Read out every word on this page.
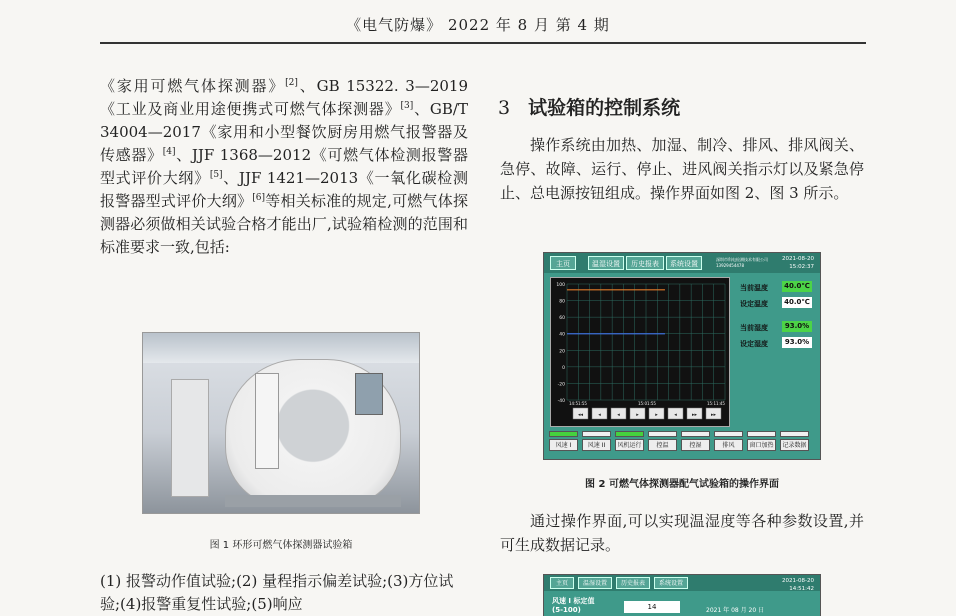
《电气防爆》 2022 年 8 月 第 4 期

《家用可燃气体探测器》[2]、GB 15322. 3—2019《工业及商业用途便携式可燃气体探测器》[3]、GB/T 34004—2017《家用和小型餐饮厨房用燃气报警器及传感器》[4]、JJF 1368—2012《可燃气体检测报警器型式评价大纲》[5]、JJF 1421—2013《一氧化碳检测报警器型式评价大纲》[6]等相关标准的规定,可燃气体探测器必须做相关试验合格才能出厂,试验箱检测的范围和标准要求一致,包括:

图 1 环形可燃气体探测器试验箱
(1) 报警动作值试验;(2) 量程指示偏差试验;(3)方位试验;(4)报警重复性试验;(5)响应
3 试验箱的控制系统
操作系统由加热、加湿、制冷、排风、排风阀关、急停、故障、运行、停止、进风阀关指示灯以及紧急停止、总电源按钮组成。操作界面如图 2、图 3 所示。
主页	温湿设置	历史报表	系统设置
深圳市科电检测技术有限公司 13929454478
2021-08-20
15:02:37
100
80
60
40
20
0
-20
-40 14:51:55	15:01:55	15:11:45
◂◂	◂	◂	▸	▸	◂	▸▸	▸▸
当前温度	40.0℃
设定温度	40.0℃
当前湿度	93.0%
设定湿度	93.0%
风速 I	风速 II	风机运行	控温	控湿	排风	窗口加热	记录数据
图 2 可燃气体探测器配气试验箱的操作界面
通过操作界面,可以实现温湿度等各种参数设置,并可生成数据记录。
主页	温湿设置	历史报表	系统设置	2021-08-20
14:51:42
风速 I 标定值
(5-100)	14	2021 年 08 月 20 日
